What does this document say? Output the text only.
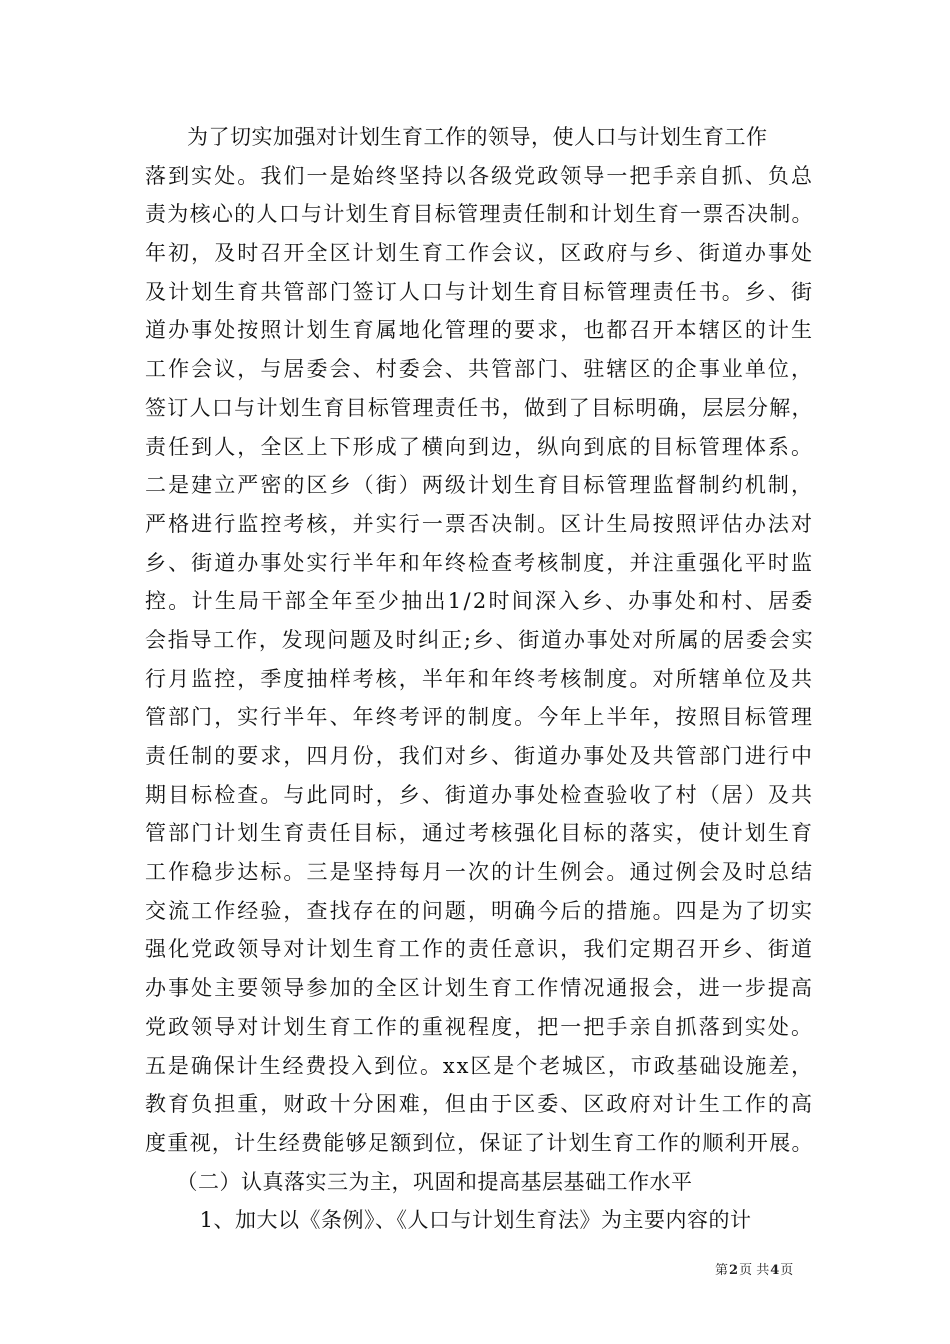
为了切实加强对计划生育工作的领导，使人口与计划生育工作
落到实处。我们一是始终坚持以各级党政领导一把手亲自抓、负总
责为核心的人口与计划生育目标管理责任制和计划生育一票否决制。
年初，及时召开全区计划生育工作会议，区政府与乡、街道办事处
及计划生育共管部门签订人口与计划生育目标管理责任书。乡、街
道办事处按照计划生育属地化管理的要求，也都召开本辖区的计生
工作会议，与居委会、村委会、共管部门、驻辖区的企事业单位，
签订人口与计划生育目标管理责任书，做到了目标明确，层层分解，
责任到人，全区上下形成了横向到边，纵向到底的目标管理体系。
二是建立严密的区乡（街）两级计划生育目标管理监督制约机制，
严格进行监控考核，并实行一票否决制。区计生局按照评估办法对
乡、街道办事处实行半年和年终检查考核制度，并注重强化平时监
控。计生局干部全年至少抽出1/2时间深入乡、办事处和村、居委
会指导工作，发现问题及时纠正;乡、街道办事处对所属的居委会实
行月监控，季度抽样考核，半年和年终考核制度。对所辖单位及共
管部门，实行半年、年终考评的制度。今年上半年，按照目标管理
责任制的要求，四月份，我们对乡、街道办事处及共管部门进行中
期目标检查。与此同时，乡、街道办事处检查验收了村（居）及共
管部门计划生育责任目标，通过考核强化目标的落实，使计划生育
工作稳步达标。三是坚持每月一次的计生例会。通过例会及时总结
交流工作经验，查找存在的问题，明确今后的措施。四是为了切实
强化党政领导对计划生育工作的责任意识，我们定期召开乡、街道
办事处主要领导参加的全区计划生育工作情况通报会，进一步提高
党政领导对计划生育工作的重视程度，把一把手亲自抓落到实处。
五是确保计生经费投入到位。xx区是个老城区，市政基础设施差，
教育负担重，财政十分困难，但由于区委、区政府对计生工作的高
度重视，计生经费能够足额到位，保证了计划生育工作的顺利开展。
（二）认真落实三为主，巩固和提高基层基础工作水平
1、加大以《条例》、《人口与计划生育法》为主要内容的计
第2页 共4页
